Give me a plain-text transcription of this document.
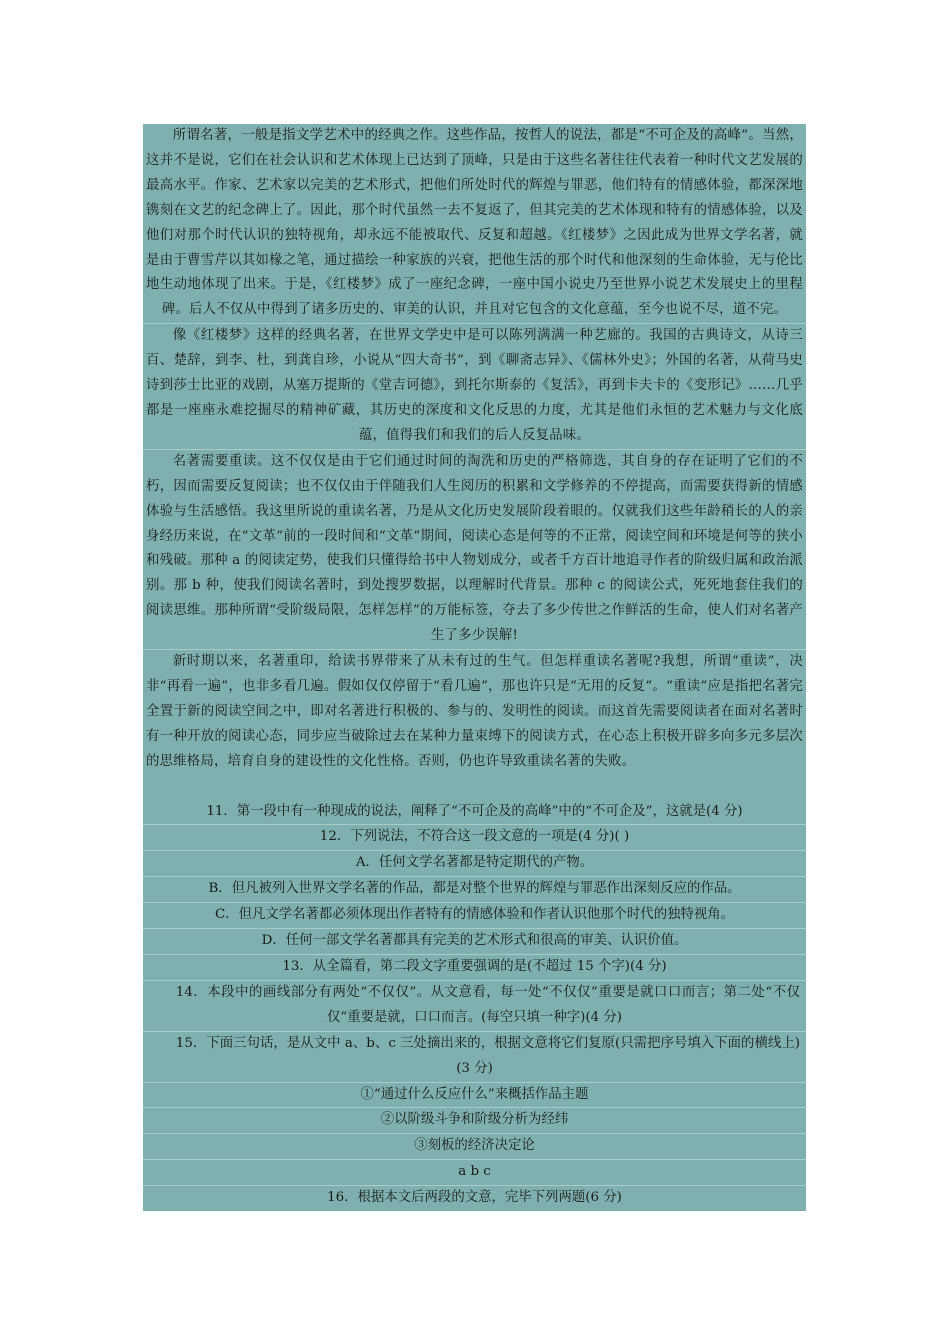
所谓名著，一般是指文学艺术中的经典之作。这些作品，按哲人的说法，都是“不可企及的高峰”。当然，这并不是说，它们在社会认识和艺术体现上已达到了顶峰，只是由于这些名著往往代表着一种时代文艺发展的最高水平。作家、艺术家以完美的艺术形式，把他们所处时代的辉煌与罪恶，他们特有的情感体验，都深深地镌刻在文艺的纪念碑上了。因此，那个时代虽然一去不复返了，但其完美的艺术体现和特有的情感体验，以及他们对那个时代认识的独特视角，却永远不能被取代、反复和超越。《红楼梦》之因此成为世界文学名著，就是由于曹雪芹以其如椽之笔，通过描绘一种家族的兴衰，把他生活的那个时代和他深刻的生命体验，无与伦比地生动地体现了出来。于是，《红楼梦》成了一座纪念碑，一座中国小说史乃至世界小说艺术发展史上的里程碑。后人不仅从中得到了诸多历史的、审美的认识，并且对它包含的文化意蕴，至今也说不尽，道不完。
像《红楼梦》这样的经典名著，在世界文学史中是可以陈列满满一种艺廊的。我国的古典诗文，从诗三百、楚辞，到李、杜，到龚自珍，小说从“四大奇书”，到《聊斋志异》、《儒林外史》；外国的名著，从荷马史诗到莎士比亚的戏剧，从塞万提斯的《堂吉诃德》，到托尔斯泰的《复活》，再到卡夫卡的《变形记》……几乎都是一座座永难挖掘尽的精神矿藏，其历史的深度和文化反思的力度，尤其是他们永恒的艺术魅力与文化底蕴，值得我们和我们的后人反复品味。
名著需要重读。这不仅仅是由于它们通过时间的淘洗和历史的严格筛选，其自身的存在证明了它们的不朽，因而需要反复阅读；也不仅仅由于伴随我们人生阅历的积累和文学修养的不停提高，而需要获得新的情感体验与生活感悟。我这里所说的重读名著，乃是从文化历史发展阶段着眼的。仅就我们这些年龄稍长的人的亲身经历来说，在“文革”前的一段时间和“文革”期间，阅读心态是何等的不正常，阅读空间和环境是何等的狭小和残破。那种 a 的阅读定势，使我们只懂得给书中人物划成分，或者千方百计地追寻作者的阶级归属和政治派别。那 b 种，使我们阅读名著时，到处搜罗数据，以理解时代背景。那种 c 的阅读公式，死死地套住我们的阅读思维。那种所谓“受阶级局限，怎样怎样”的万能标签，夺去了多少传世之作鲜活的生命，使人们对名著产生了多少误解!
新时期以来，名著重印，给读书界带来了从未有过的生气。但怎样重读名著呢?我想，所谓“重读”，决非“再看一遍”，也非多看几遍。假如仅仅停留于“看几遍”，那也许只是“无用的反复”。“重读”应是指把名著完全置于新的阅读空间之中，即对名著进行积极的、参与的、发明性的阅读。而这首先需要阅读者在面对名著时有一种开放的阅读心态，同步应当破除过去在某种力量束缚下的阅读方式，在心态上积极开辟多向多元多层次的思维格局，培育自身的建设性的文化性格。否则，仍也许导致重读名著的失败。
11．第一段中有一种现成的说法，阐释了“不可企及的高峰”中的“不可企及”，这就是(4 分)
12．下列说法，不符合这一段文意的一项是(4 分)( )
A．任何文学名著都是特定期代的产物。
B．但凡被列入世界文学名著的作品，都是对整个世界的辉煌与罪恶作出深刻反应的作品。
C．但凡文学名著都必须体现出作者特有的情感体验和作者认识他那个时代的独特视角。
D．任何一部文学名著都具有完美的艺术形式和很高的审美、认识价值。
13．从全篇看，第二段文字重要强调的是(不超过 15 个字)(4 分)
14．本段中的画线部分有两处“不仅仅”。从文意看，每一处“不仅仅”重要是就口口而言；第二处“不仅仅”重要是就，口口而言。(每空只填一种字)(4 分)
15．下面三句话，是从文中 a、b、c 三处摘出来的，根据文意将它们复原(只需把序号填入下面的横线上)(3 分)
①“通过什么反应什么”来概括作品主题
②以阶级斗争和阶级分析为经纬
③刻板的经济决定论
a b c
16．根据本文后两段的文意，完毕下列两题(6 分)
